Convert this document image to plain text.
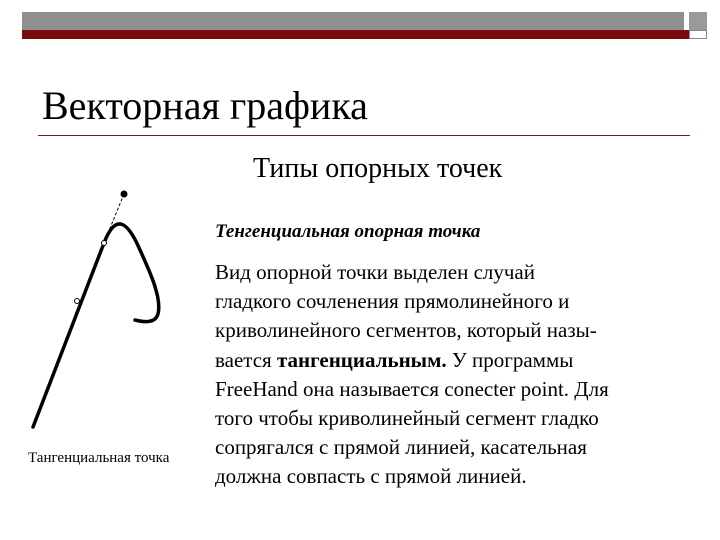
Векторная графика
Типы опорных точек
Тенгенциальная опорная точка
Вид опорной точки выделен случай
гладкого сочленения прямолинейного и
криволинейного сегментов, который назы-
вается тангенциальным. У программы
FreeHand она называется conecter point. Для
того чтобы криволинейный сегмент гладко
сопрягался с прямой линией, касательная
должна совпасть с прямой линией.
Тангенциальная точка
